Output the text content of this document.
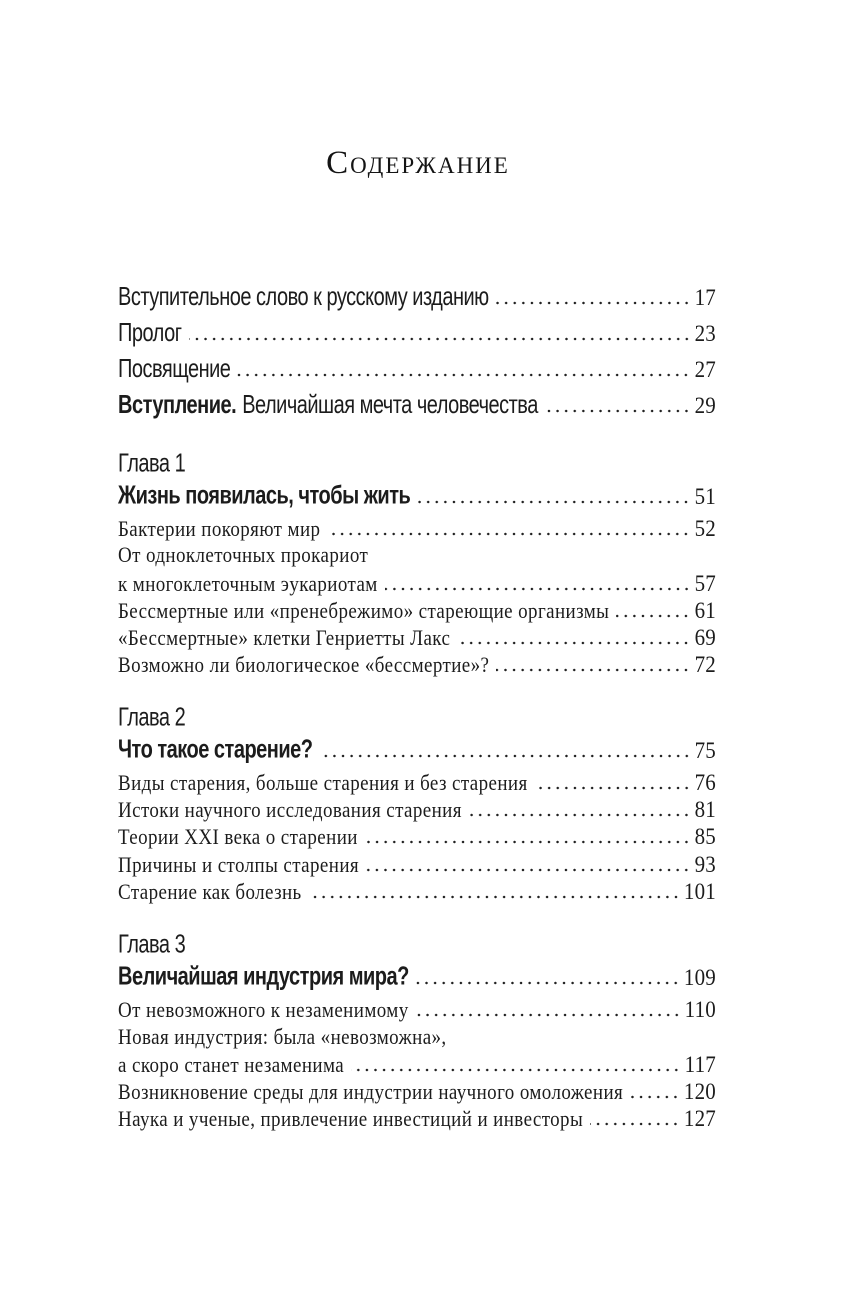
Содержание
Вступительное слово к русскому изданию	17
Пролог	23
Посвящение	27
Вступление. Величайшая мечта человечества	29
Глава 1
Жизнь появилась, чтобы жить	51
Бактерии покоряют мир	52
От одноклеточных прокариот
к многоклеточным эукариотам	57
Бессмертные или «пренебрежимо» стареющие организмы	61
«Бессмертные» клетки Генриетты Лакс	69
Возможно ли биологическое «бессмертие»?	72
Глава 2
Что такое старение?	75
Виды старения, больше старения и без старения	76
Истоки научного исследования старения	81
Теории XXI века о старении	85
Причины и столпы старения	93
Старение как болезнь	101
Глава 3
Величайшая индустрия мира?	109
От невозможного к незаменимому	110
Новая индустрия: была «невозможна»,
а скоро станет незаменима	117
Возникновение среды для индустрии научного омоложения	120
Наука и ученые, привлечение инвестиций и инвесторы	127
